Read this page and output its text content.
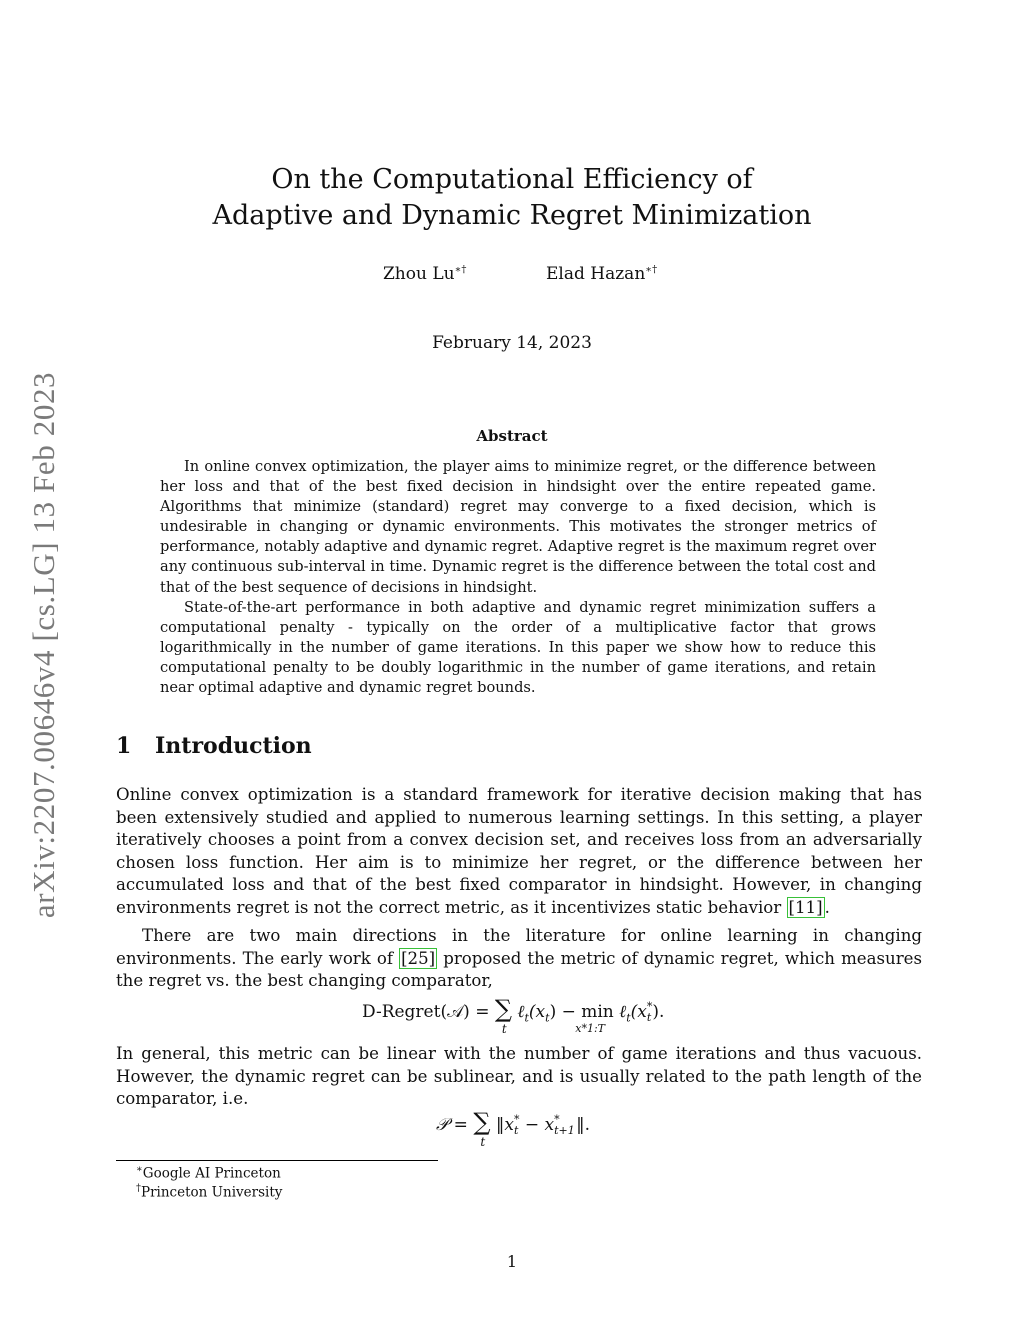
arXiv:2207.00646v4 [cs.LG] 13 Feb 2023
On the Computational Efficiency of
Adaptive and Dynamic Regret Minimization
Zhou Lu∗†	Elad Hazan∗†
February 14, 2023
Abstract

In online convex optimization, the player aims to minimize regret, or the difference between her loss and that of the best fixed decision in hindsight over the entire repeated game. Algorithms that minimize (standard) regret may converge to a fixed decision, which is undesirable in changing or dynamic environments. This motivates the stronger metrics of performance, notably adaptive and dynamic regret. Adaptive regret is the maximum regret over any continuous sub-interval in time. Dynamic regret is the difference between the total cost and that of the best sequence of decisions in hindsight.

State-of-the-art performance in both adaptive and dynamic regret minimization suffers a computational penalty - typically on the order of a multiplicative factor that grows logarithmically in the number of game iterations. In this paper we show how to reduce this computational penalty to be doubly logarithmic in the number of game iterations, and retain near optimal adaptive and dynamic regret bounds.

1 Introduction

Online convex optimization is a standard framework for iterative decision making that has been extensively studied and applied to numerous learning settings. In this setting, a player iteratively chooses a point from a convex decision set, and receives loss from an adversarially chosen loss function. Her aim is to minimize her regret, or the difference between her accumulated loss and that of the best fixed comparator in hindsight. However, in changing environments regret is not the correct metric, as it incentivizes static behavior [11] .

There are two main directions in the literature for online learning in changing environments. The early work of [25] proposed the metric of dynamic regret, which measures the regret vs. the best changing comparator,

D-Regret(𝒜) = ∑
t
$\ell_t(x_t) - \min$
x*1:T
ℓ$_t$(x*
t ).

In general, this metric can be linear with the number of game iterations and thus vacuous. However, the dynamic regret can be sublinear, and is usually related to the path length of the comparator, i.e.

𝒫 = ∑
t
‖x*
t − x*
t+1 ‖.
∗Google AI Princeton
†Princeton University
1
